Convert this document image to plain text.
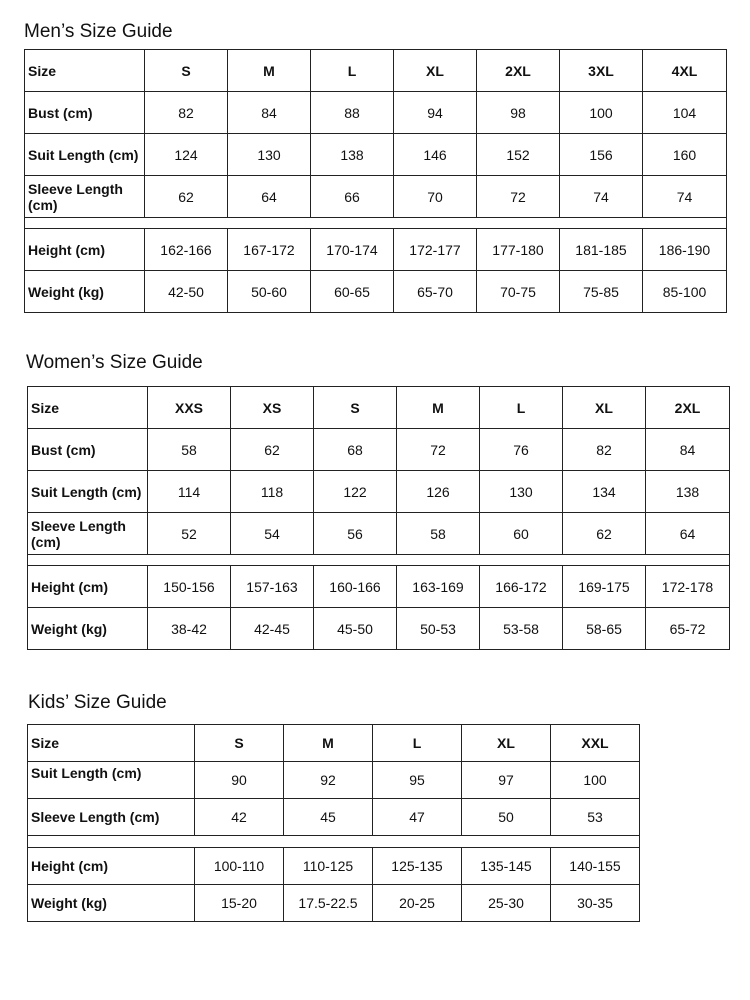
Men’s Size Guide
Size	S	M	L	XL	2XL	3XL	4XL
Bust (cm)	82	84	88	94	98	100	104
Suit Length (cm)	124	130	138	146	152	156	160
Sleeve Length (cm)	62	64	66	70	72	74	74

Height (cm)	162-166	167-172	170-174	172-177	177-180	181-185	186-190
Weight (kg)	42-50	50-60	60-65	65-70	70-75	75-85	85-100
Women’s Size Guide
Size	XXS	XS	S	M	L	XL	2XL
Bust (cm)	58	62	68	72	76	82	84
Suit Length (cm)	114	118	122	126	130	134	138
Sleeve Length (cm)	52	54	56	58	60	62	64

Height (cm)	150-156	157-163	160-166	163-169	166-172	169-175	172-178
Weight (kg)	38-42	42-45	45-50	50-53	53-58	58-65	65-72
Kids’ Size Guide
Size	S	M	L	XL	XXL
Suit Length (cm)	90	92	95	97	100
Sleeve Length (cm)	42	45	47	50	53

Height (cm)	100-110	110-125	125-135	135-145	140-155
Weight (kg)	15-20	17.5-22.5	20-25	25-30	30-35
